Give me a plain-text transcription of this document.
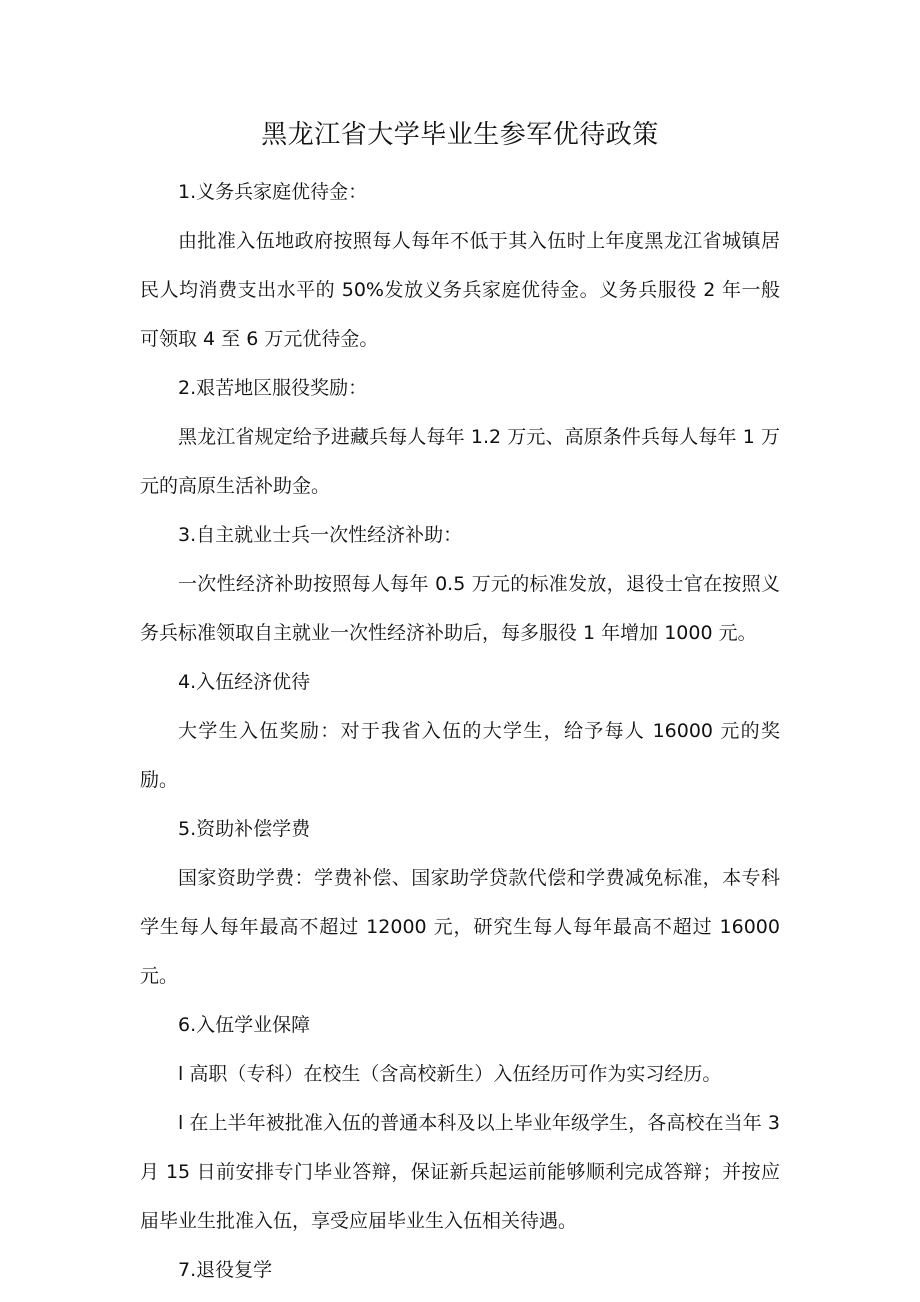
黑龙江省大学毕业生参军优待政策

1.义务兵家庭优待金：

由批准入伍地政府按照每人每年不低于其入伍时上年度黑龙江省城镇居民人均消费支出水平的 50%发放义务兵家庭优待金。义务兵服役 2 年一般可领取 4 至 6 万元优待金。

2.艰苦地区服役奖励：

黑龙江省规定给予进藏兵每人每年 1.2 万元、高原条件兵每人每年 1 万元的高原生活补助金。

3.自主就业士兵一次性经济补助：

一次性经济补助按照每人每年 0.5 万元的标准发放，退役士官在按照义务兵标准领取自主就业一次性经济补助后，每多服役 1 年增加 1000 元。

4.入伍经济优待

大学生入伍奖励：对于我省入伍的大学生，给予每人 16000 元的奖励。

5.资助补偿学费

国家资助学费：学费补偿、国家助学贷款代偿和学费减免标准，本专科学生每人每年最高不超过 12000 元，研究生每人每年最高不超过 16000 元。

6.入伍学业保障

l 高职（专科）在校生（含高校新生）入伍经历可作为实习经历。

l 在上半年被批准入伍的普通本科及以上毕业年级学生，各高校在当年 3 月 15 日前安排专门毕业答辩，保证新兵起运前能够顺利完成答辩；并按应届毕业生批准入伍，享受应届毕业生入伍相关待遇。

7.退役复学
